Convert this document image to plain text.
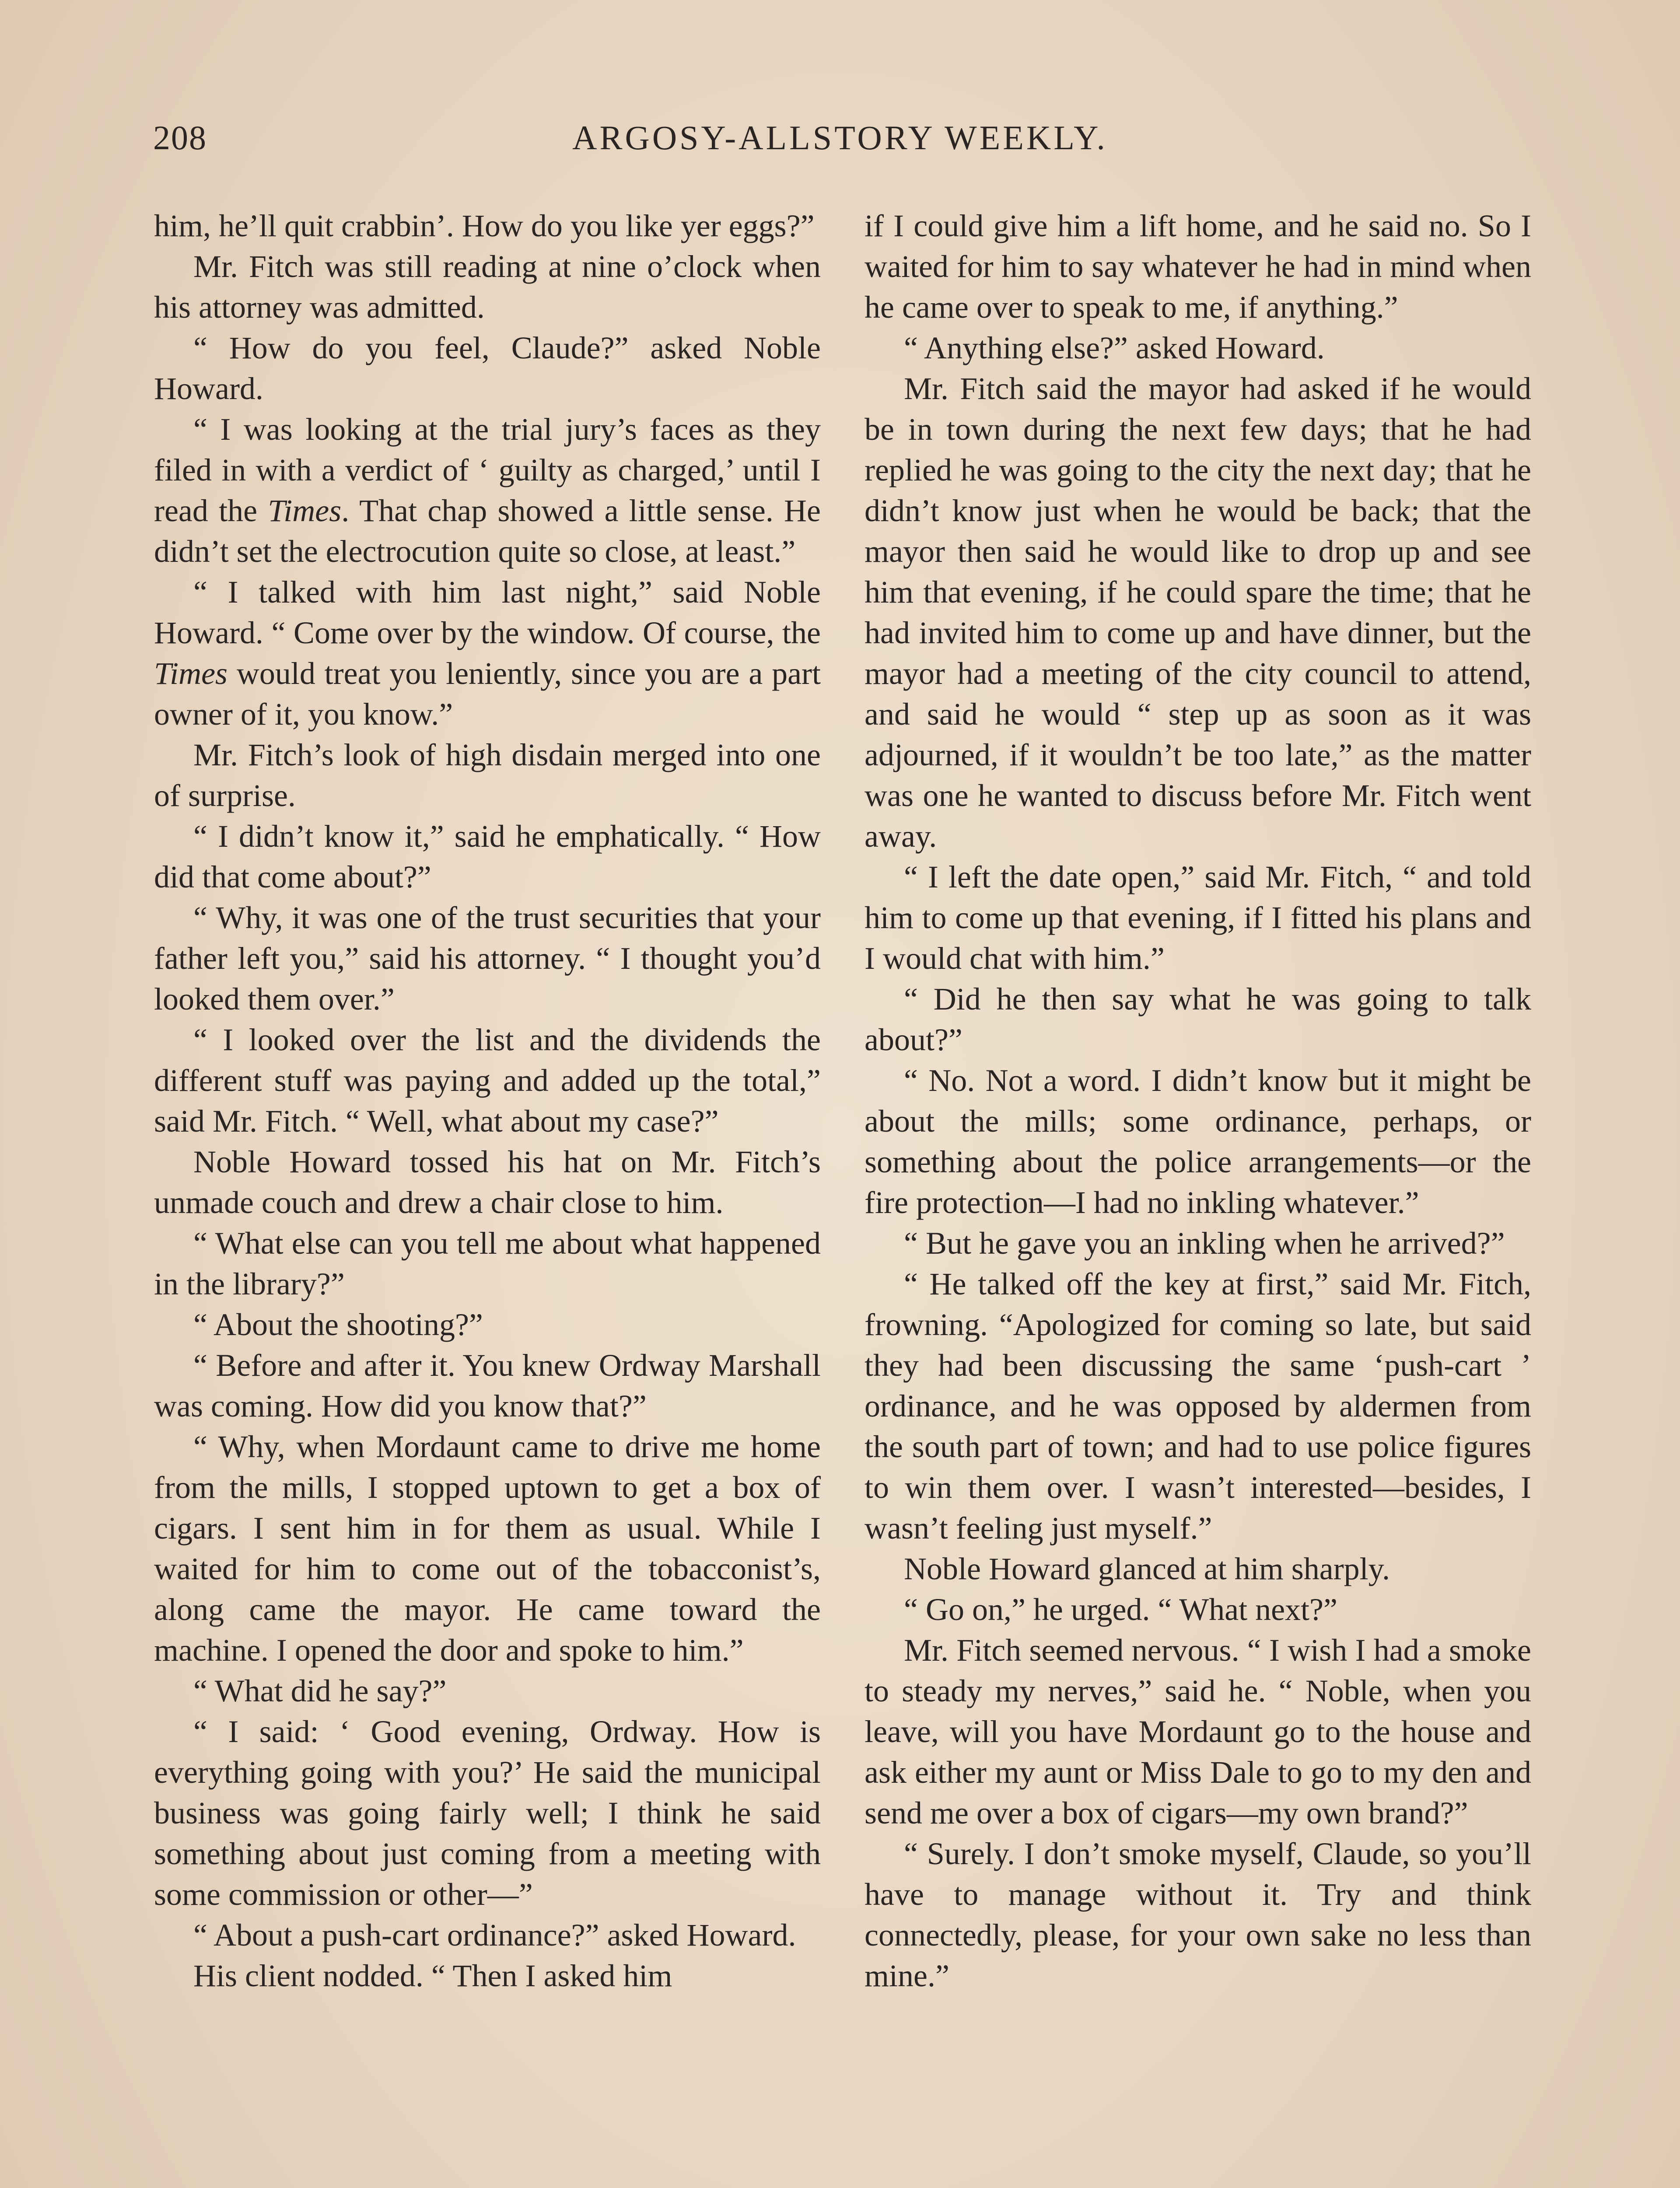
208	ARGOSY-ALLSTORY WEEKLY.

him, he’ll quit crabbin’. How do you like yer eggs?”

Mr. Fitch was still reading at nine o’clock when his attorney was admitted.

“ How do you feel, Claude?” asked Noble Howard.

“ I was looking at the trial jury’s faces as they filed in with a verdict of ‘ guilty as charged,’ until I read the Times. That chap showed a little sense. He didn’t set the electrocution quite so close, at least.”

“ I talked with him last night,” said Noble Howard. “ Come over by the window. Of course, the Times would treat you leniently, since you are a part owner of it, you know.”

Mr. Fitch’s look of high disdain merged into one of surprise.

“ I didn’t know it,” said he emphatically. “ How did that come about?”

“ Why, it was one of the trust securities that your father left you,” said his attorney. “ I thought you’d looked them over.”

“ I looked over the list and the dividends the different stuff was paying and added up the total,” said Mr. Fitch. “ Well, what about my case?”

Noble Howard tossed his hat on Mr. Fitch’s unmade couch and drew a chair close to him.

“ What else can you tell me about what happened in the library?”

“ About the shooting?”

“ Before and after it. You knew Ordway Marshall was coming. How did you know that?”

“ Why, when Mordaunt came to drive me home from the mills, I stopped uptown to get a box of cigars. I sent him in for them as usual. While I waited for him to come out of the tobacconist’s, along came the mayor. He came toward the machine. I opened the door and spoke to him.”

“ What did he say?”

“ I said: ‘ Good evening, Ordway. How is everything going with you?’ He said the municipal business was going fairly well; I think he said something about just coming from a meeting with some commission or other—”

“ About a push-cart ordinance?” asked Howard.

His client nodded. “ Then I asked him

if I could give him a lift home, and he said no. So I waited for him to say whatever he had in mind when he came over to speak to me, if anything.”

“ Anything else?” asked Howard.

Mr. Fitch said the mayor had asked if he would be in town during the next few days; that he had replied he was going to the city the next day; that he didn’t know just when he would be back; that the mayor then said he would like to drop up and see him that evening, if he could spare the time; that he had invited him to come up and have dinner, but the mayor had a meeting of the city council to attend, and said he would “ step up as soon as it was adjourned, if it wouldn’t be too late,” as the matter was one he wanted to discuss before Mr. Fitch went away.

“ I left the date open,” said Mr. Fitch, “ and told him to come up that evening, if I fitted his plans and I would chat with him.”

“ Did he then say what he was going to talk about?”

“ No. Not a word. I didn’t know but it might be about the mills; some ordinance, perhaps, or something about the police arrangements—or the fire protection—I had no inkling whatever.”

“ But he gave you an inkling when he arrived?”

“ He talked off the key at first,” said Mr. Fitch, frowning. “Apologized for coming so late, but said they had been discussing the same ‘push-cart ’ ordinance, and he was opposed by aldermen from the south part of town; and had to use police figures to win them over. I wasn’t interested—besides, I wasn’t feeling just myself.”

Noble Howard glanced at him sharply.

“ Go on,” he urged. “ What next?”

Mr. Fitch seemed nervous. “ I wish I had a smoke to steady my nerves,” said he. “ Noble, when you leave, will you have Mordaunt go to the house and ask either my aunt or Miss Dale to go to my den and send me over a box of cigars—my own brand?”

“ Surely. I don’t smoke myself, Claude, so you’ll have to manage without it. Try and think connectedly, please, for your own sake no less than mine.”
